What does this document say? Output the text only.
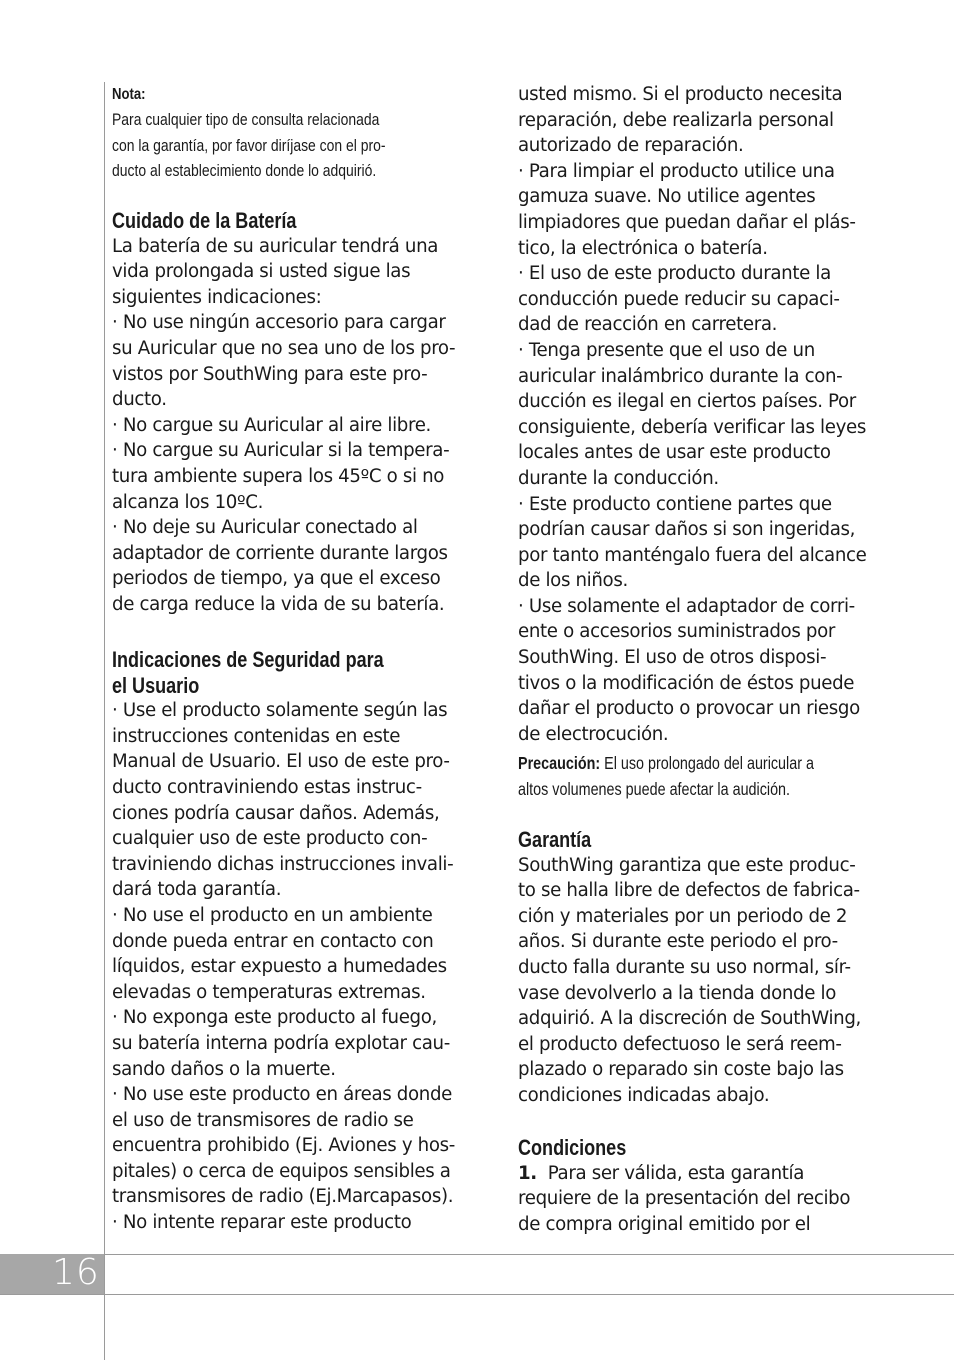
16
Nota:

Para cualquier tipo de consulta relacionada

con la garantía, por favor diríjase con el pro-

ducto al establecimiento donde lo adquirió.

Cuidado de la Batería

La batería de su auricular tendrá una

vida prolongada si usted sigue las

siguientes indicaciones:

· No use ningún accesorio para cargar

su Auricular que no sea uno de los pro-

vistos por SouthWing para este pro-

ducto.

· No cargue su Auricular al aire libre.

· No cargue su Auricular si la tempera-

tura ambiente supera los 45ºC o si no

alcanza los 10ºC.

· No deje su Auricular conectado al

adaptador de corriente durante largos

periodos de tiempo, ya que el exceso

de carga reduce la vida de su batería.

Indicaciones de Seguridad para
el Usuario

· Use el producto solamente según las

instrucciones contenidas en este

Manual de Usuario. El uso de este pro-

ducto contraviniendo estas instruc-

ciones podría causar daños. Además,

cualquier uso de este producto con-

traviniendo dichas instrucciones invali-

dará toda garantía.

· No use el producto en un ambiente

donde pueda entrar en contacto con

líquidos, estar expuesto a humedades

elevadas o temperaturas extremas.

· No exponga este producto al fuego,

su batería interna podría explotar cau-

sando daños o la muerte.

· No use este producto en áreas donde

el uso de transmisores de radio se

encuentra prohibido (Ej. Aviones y hos-

pitales) o cerca de equipos sensibles a

transmisores de radio (Ej.Marcapasos).

· No intente reparar este producto

usted mismo. Si el producto necesita

reparación, debe realizarla personal

autorizado de reparación.

· Para limpiar el producto utilice una

gamuza suave. No utilice agentes

limpiadores que puedan dañar el plás-

tico, la electrónica o batería.

· El uso de este producto durante la

conducción puede reducir su capaci-

dad de reacción en carretera.

· Tenga presente que el uso de un

auricular inalámbrico durante la con-

ducción es ilegal en ciertos países. Por

consiguiente, debería verificar las leyes

locales antes de usar este producto

durante la conducción.

· Este producto contiene partes que

podrían causar daños si son ingeridas,

por tanto manténgalo fuera del alcance

de los niños.

· Use solamente el adaptador de corri-

ente o accesorios suministrados por

SouthWing. El uso de otros disposi-

tivos o la modificación de éstos puede

dañar el producto o provocar un riesgo

de electrocución.

Precaución: El uso prolongado del auricular a

altos volumenes puede afectar la audición.

Garantía

SouthWing garantiza que este produc-

to se halla libre de defectos de fabrica-

ción y materiales por un periodo de 2

años. Si durante este periodo el pro-

ducto falla durante su uso normal, sír-

vase devolverlo a la tienda donde lo

adquirió. A la discreción de SouthWing,

el producto defectuoso le será reem-

plazado o reparado sin coste bajo las

condiciones indicadas abajo.

Condiciones

1. Para ser válida, esta garantía

requiere de la presentación del recibo

de compra original emitido por el
